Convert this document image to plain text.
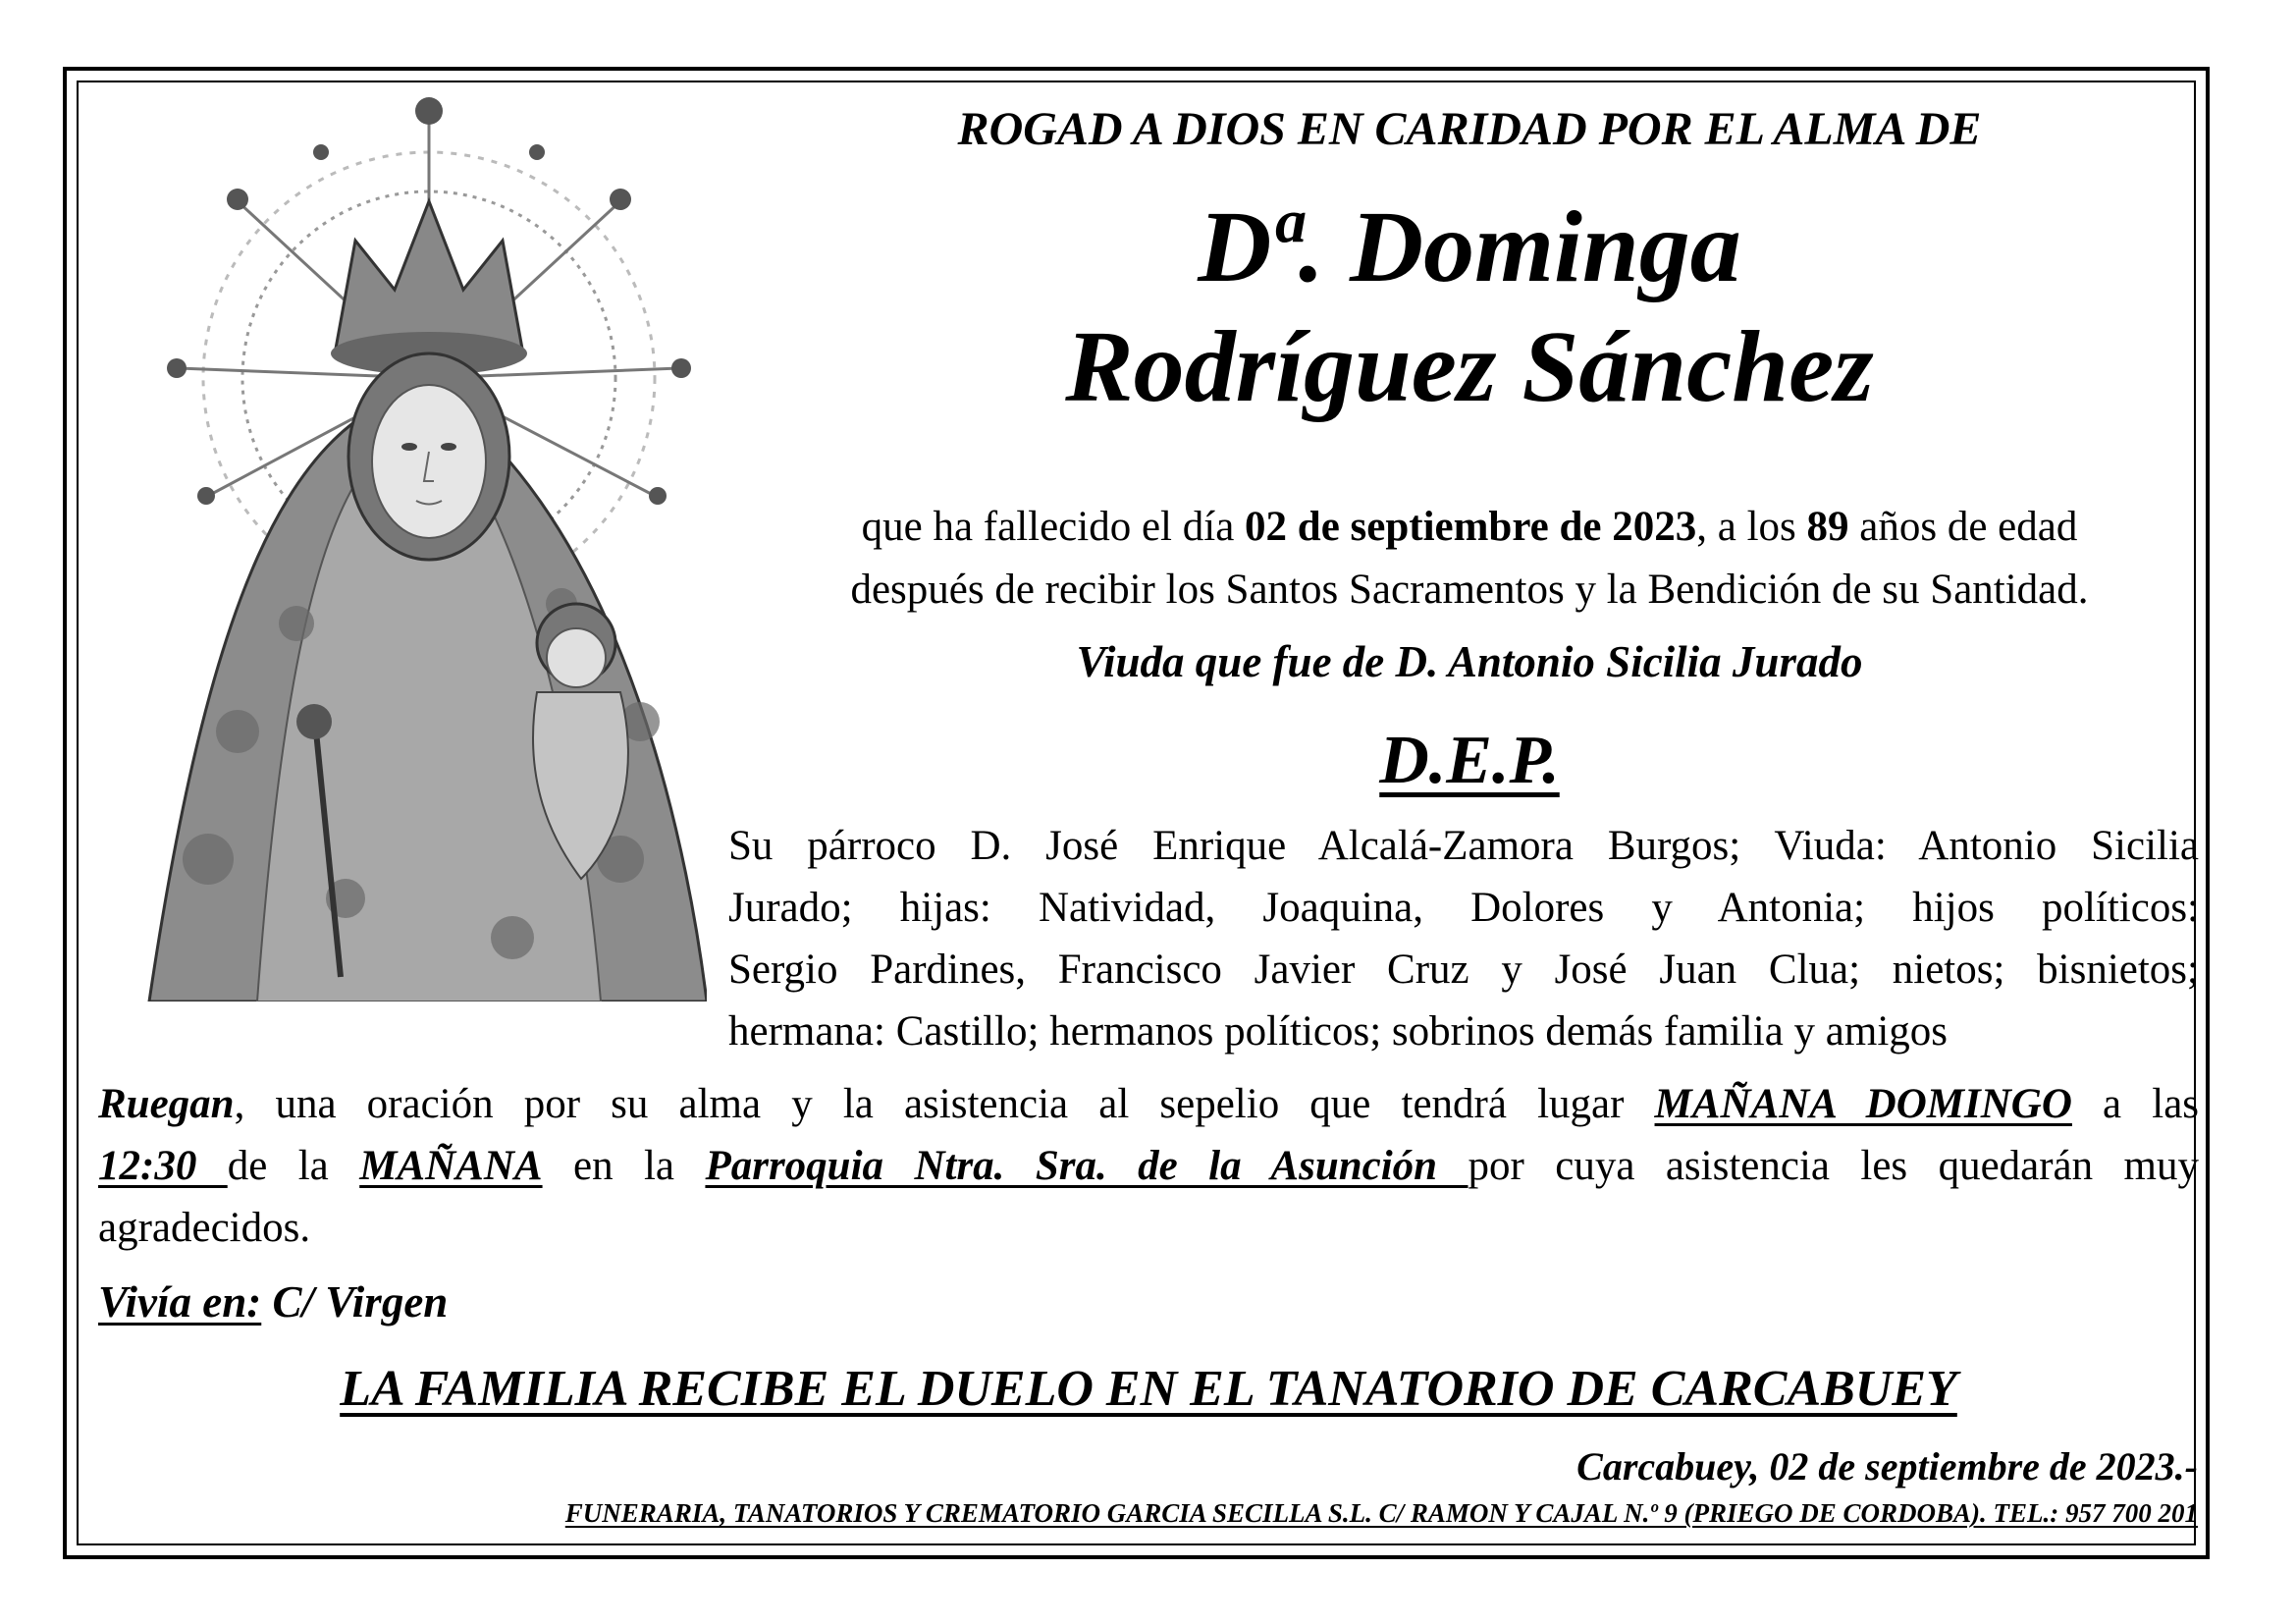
ROGAD A DIOS EN CARIDAD POR EL ALMA DE

Dª. Dominga

Rodríguez Sánchez

que ha fallecido el día 02 de septiembre de 2023, a los 89 años de edad
después de recibir los Santos Sacramentos y la Bendición de su Santidad.

Viuda que fue de D. Antonio Sicilia Jurado

D.E.P.

Su párroco D. José Enrique Alcalá-Zamora Burgos; Viuda: Antonio Sicilia
Jurado; hijas: Natividad, Joaquina, Dolores y Antonia; hijos políticos:
Sergio Pardines, Francisco Javier Cruz y José Juan Clua; nietos; bisnietos;
hermana: Castillo; hermanos políticos; sobrinos demás familia y amigos

Ruegan, una oración por su alma y la asistencia al sepelio que tendrá lugar MAÑANA DOMINGO a las
12:30 de la MAÑANA en la Parroquia Ntra. Sra. de la Asunción por cuya asistencia les quedarán muy
agradecidos.

Vivía en: C/ Virgen

LA FAMILIA RECIBE EL DUELO EN EL TANATORIO DE CARCABUEY

Carcabuey, 02 de septiembre de 2023.-

FUNERARIA, TANATORIOS Y CREMATORIO GARCIA SECILLA S.L. C/ RAMON Y CAJAL N.º 9 (PRIEGO DE CORDOBA). TEL.: 957 700 201
